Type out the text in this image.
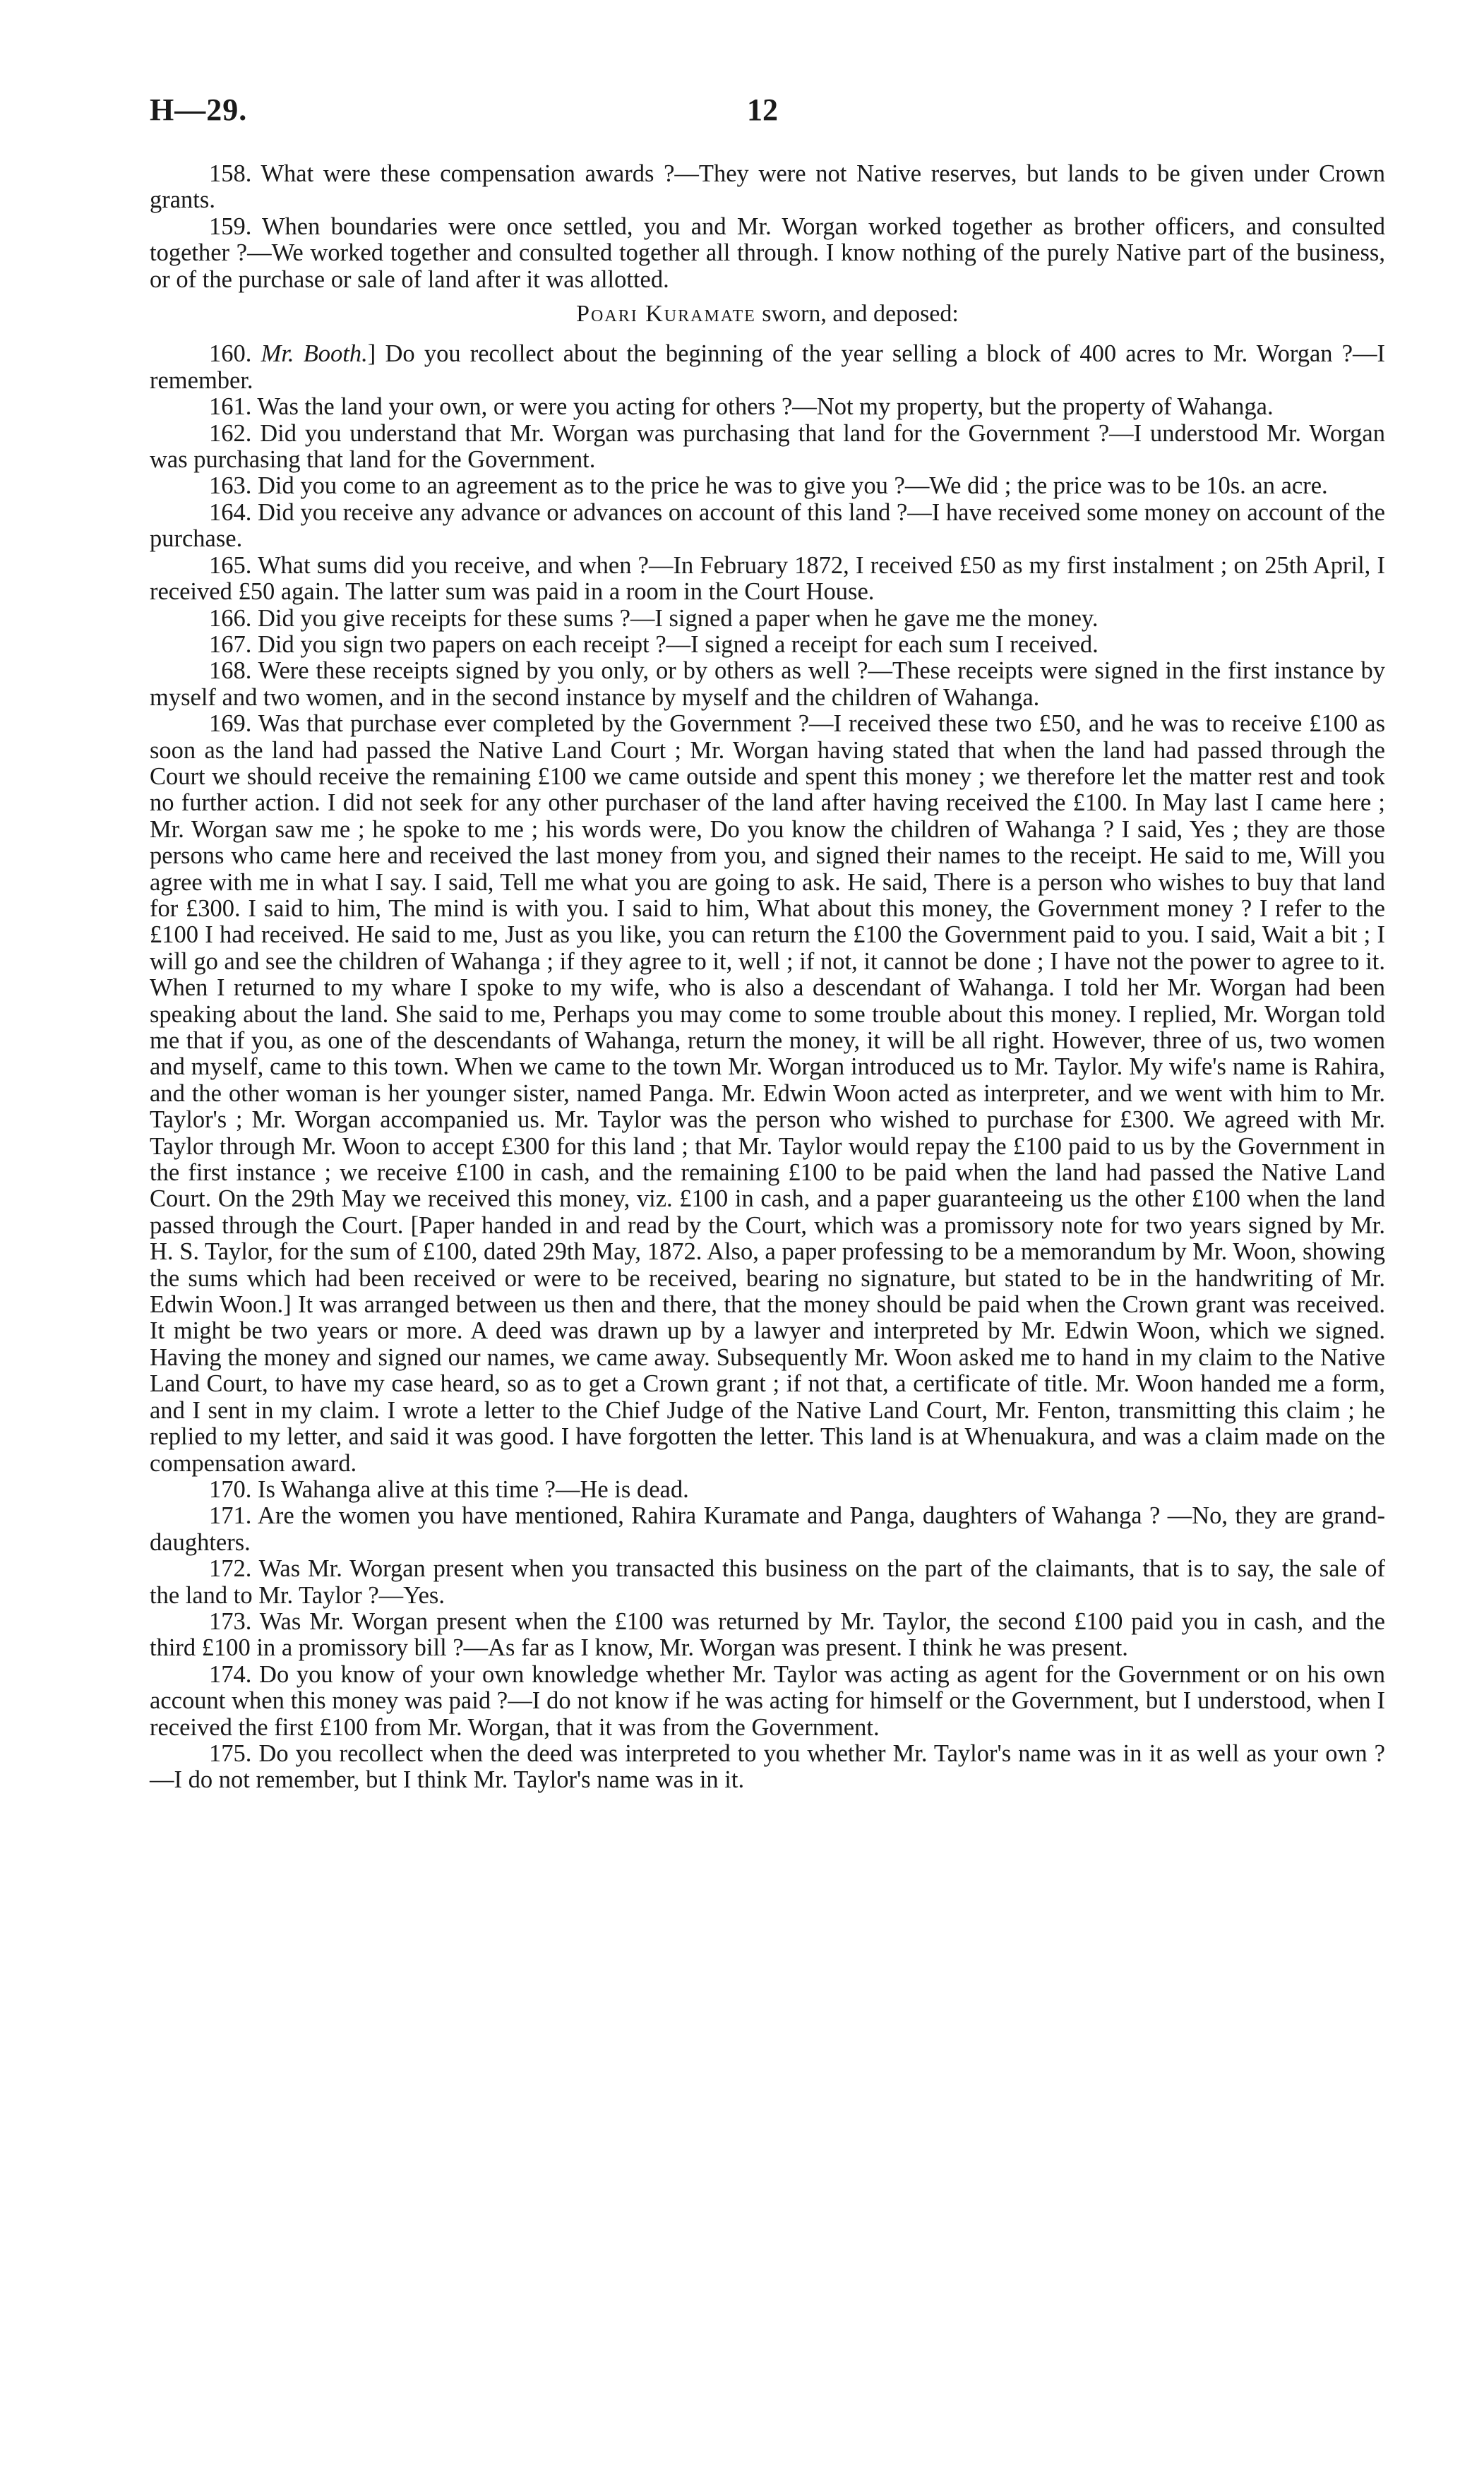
H—29.	12

158. What were these compensation awards ?—They were not Native reserves, but lands to be given under Crown grants.

159. When boundaries were once settled, you and Mr. Worgan worked together as brother officers, and consulted together ?—We worked together and consulted together all through. I know nothing of the purely Native part of the business, or of the purchase or sale of land after it was allotted.

Poari Kuramate sworn, and deposed:

160. Mr. Booth.] Do you recollect about the beginning of the year selling a block of 400 acres to Mr. Worgan ?—I remember.

161. Was the land your own, or were you acting for others ?—Not my property, but the property of Wahanga.

162. Did you understand that Mr. Worgan was purchasing that land for the Government ?—I understood Mr. Worgan was purchasing that land for the Government.

163. Did you come to an agreement as to the price he was to give you ?—We did ; the price was to be 10s. an acre.

164. Did you receive any advance or advances on account of this land ?—I have received some money on account of the purchase.

165. What sums did you receive, and when ?—In February 1872, I received £50 as my first instalment ; on 25th April, I received £50 again. The latter sum was paid in a room in the Court House.

166. Did you give receipts for these sums ?—I signed a paper when he gave me the money.

167. Did you sign two papers on each receipt ?—I signed a receipt for each sum I received.

168. Were these receipts signed by you only, or by others as well ?—These receipts were signed in the first instance by myself and two women, and in the second instance by myself and the children of Wahanga.

169. Was that purchase ever completed by the Government ?—I received these two £50, and he was to receive £100 as soon as the land had passed the Native Land Court ; Mr. Worgan having stated that when the land had passed through the Court we should receive the remaining £100 we came outside and spent this money ; we therefore let the matter rest and took no further action. I did not seek for any other purchaser of the land after having received the £100. In May last I came here ; Mr. Worgan saw me ; he spoke to me ; his words were, Do you know the children of Wahanga ? I said, Yes ; they are those persons who came here and received the last money from you, and signed their names to the receipt. He said to me, Will you agree with me in what I say. I said, Tell me what you are going to ask. He said, There is a person who wishes to buy that land for £300. I said to him, The mind is with you. I said to him, What about this money, the Government money ? I refer to the £100 I had received. He said to me, Just as you like, you can return the £100 the Government paid to you. I said, Wait a bit ; I will go and see the children of Wahanga ; if they agree to it, well ; if not, it cannot be done ; I have not the power to agree to it. When I returned to my whare I spoke to my wife, who is also a descendant of Wahanga. I told her Mr. Worgan had been speaking about the land. She said to me, Perhaps you may come to some trouble about this money. I replied, Mr. Worgan told me that if you, as one of the descendants of Wahanga, return the money, it will be all right. However, three of us, two women and myself, came to this town. When we came to the town Mr. Worgan introduced us to Mr. Taylor. My wife's name is Rahira, and the other woman is her younger sister, named Panga. Mr. Edwin Woon acted as interpreter, and we went with him to Mr. Taylor's ; Mr. Worgan accompanied us. Mr. Taylor was the person who wished to purchase for £300. We agreed with Mr. Taylor through Mr. Woon to accept £300 for this land ; that Mr. Taylor would repay the £100 paid to us by the Government in the first instance ; we receive £100 in cash, and the remaining £100 to be paid when the land had passed the Native Land Court. On the 29th May we received this money, viz. £100 in cash, and a paper guaranteeing us the other £100 when the land passed through the Court. [Paper handed in and read by the Court, which was a promissory note for two years signed by Mr. H. S. Taylor, for the sum of £100, dated 29th May, 1872. Also, a paper professing to be a memorandum by Mr. Woon, showing the sums which had been received or were to be received, bearing no signature, but stated to be in the handwriting of Mr. Edwin Woon.] It was arranged between us then and there, that the money should be paid when the Crown grant was received. It might be two years or more. A deed was drawn up by a lawyer and interpreted by Mr. Edwin Woon, which we signed. Having the money and signed our names, we came away. Subsequently Mr. Woon asked me to hand in my claim to the Native Land Court, to have my case heard, so as to get a Crown grant ; if not that, a certificate of title. Mr. Woon handed me a form, and I sent in my claim. I wrote a letter to the Chief Judge of the Native Land Court, Mr. Fenton, transmitting this claim ; he replied to my letter, and said it was good. I have forgotten the letter. This land is at Whenuakura, and was a claim made on the compensation award.

170. Is Wahanga alive at this time ?—He is dead.

171. Are the women you have mentioned, Rahira Kuramate and Panga, daughters of Wahanga ? —No, they are grand-daughters.

172. Was Mr. Worgan present when you transacted this business on the part of the claimants, that is to say, the sale of the land to Mr. Taylor ?—Yes.

173. Was Mr. Worgan present when the £100 was returned by Mr. Taylor, the second £100 paid you in cash, and the third £100 in a promissory bill ?—As far as I know, Mr. Worgan was present. I think he was present.

174. Do you know of your own knowledge whether Mr. Taylor was acting as agent for the Government or on his own account when this money was paid ?—I do not know if he was acting for himself or the Government, but I understood, when I received the first £100 from Mr. Worgan, that it was from the Government.

175. Do you recollect when the deed was interpreted to you whether Mr. Taylor's name was in it as well as your own ?—I do not remember, but I think Mr. Taylor's name was in it.
